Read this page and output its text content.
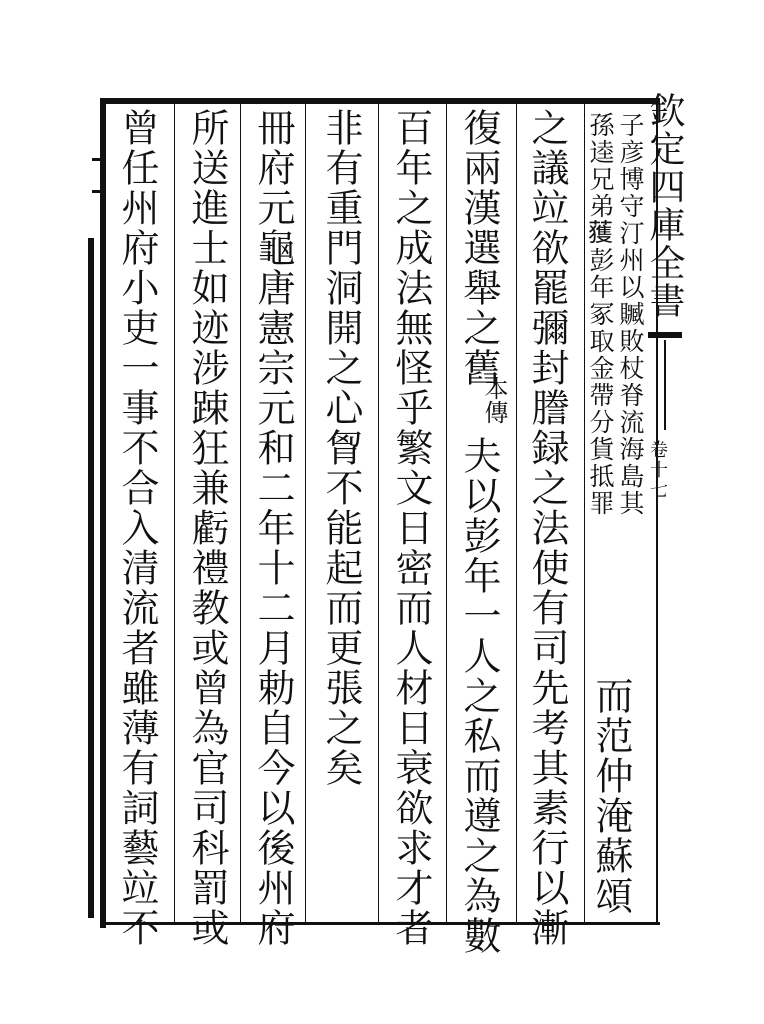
欽定四庫全書
卷十七
子彦博守汀州以贓敗杖脊流海島其
孫逵兄弟𫉬彭年冢取金帶分貨抵罪
而范仲淹蘇頌
之議竝欲罷彌封謄録之法使有司先考其素行以漸
復兩漢選舉之舊
本傳
夫以彭年一人之私而遵之為數
百年之成法無怪乎繁文日密而人材日衰欲求才者
非有重門洞開之心胷不能起而更張之矣
冊府元龜唐憲宗元和二年十二月勅自今以後州府
所送進士如迹涉踈狂兼虧禮教或曾為官司科罰或
曾任州府小吏一事不合入清流者雖薄有詞藝竝不
